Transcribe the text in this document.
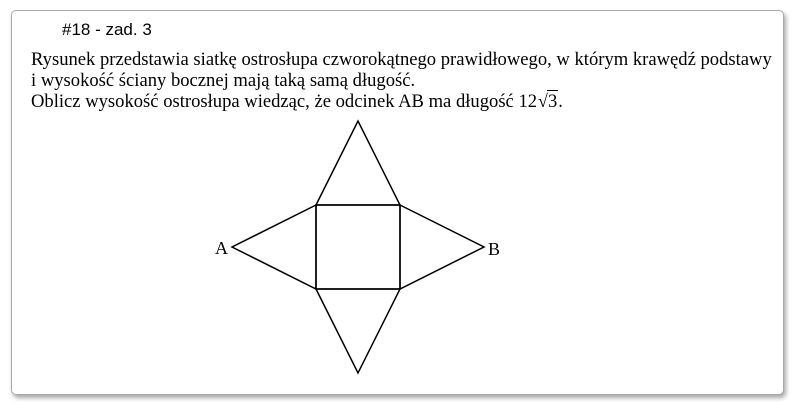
#18 - zad. 3
Rysunek przedstawia siatkę ostrosłupa czworokątnego prawidłowego, w którym krawędź podstawy
i wysokość ściany bocznej mają taką samą długość.
Oblicz wysokość ostrosłupa wiedząc, że odcinek AB ma długość 12√3.
A	B
